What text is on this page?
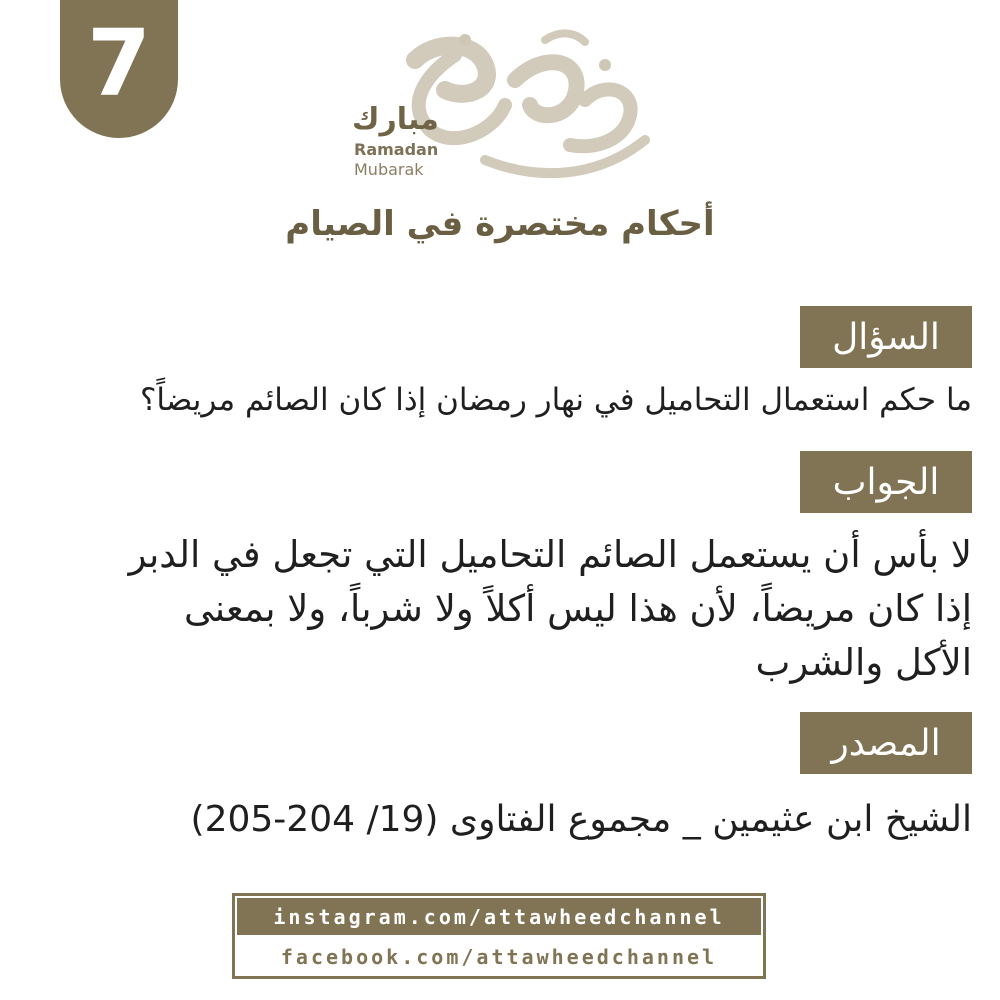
7
مبارك
Ramadan
Mubarak
أحكام مختصرة في الصيام
السؤال
ما حكم استعمال التحاميل في نهار رمضان إذا كان الصائم مريضاً؟
الجواب
لا بأس أن يستعمل الصائم التحاميل التي تجعل في الدبر إذا كان مريضاً، لأن هذا ليس أكلاً ولا شرباً، ولا بمعنى الأكل والشرب
المصدر
الشيخ ابن عثيمين _ مجموع الفتاوى (19/ 204-205)
instagram.com/attawheedchannel
facebook.com/attawheedchannel
